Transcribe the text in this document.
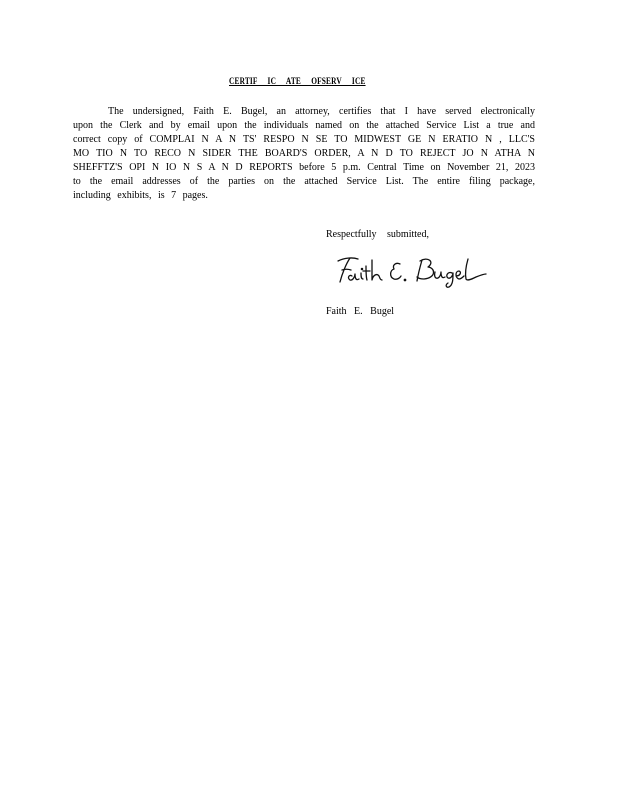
CERTIF IC ATE OFSERV ICE
The undersigned, Faith E. Bugel, an attorney, certifies that I have served electronically
upon the Clerk and by email upon the individuals named on the attached Service List a true and
correct copy of COMPLAI N A N TS' RESPO N SE TO MIDWEST GE N ERATIO N , LLC'S
MO TIO N TO RECO N SIDER THE BOARD'S ORDER, A N D TO REJECT JO N ATHA N
SHEFFTZ'S OPI N IO N S A N D REPORTS before 5 p.m. Central Time on November 21, 2023
to the email addresses of the parties on the attached Service List. The entire filing package,
including exhibits, is 7 pages.
Respectfully submitted,
Faith E. Bugel
